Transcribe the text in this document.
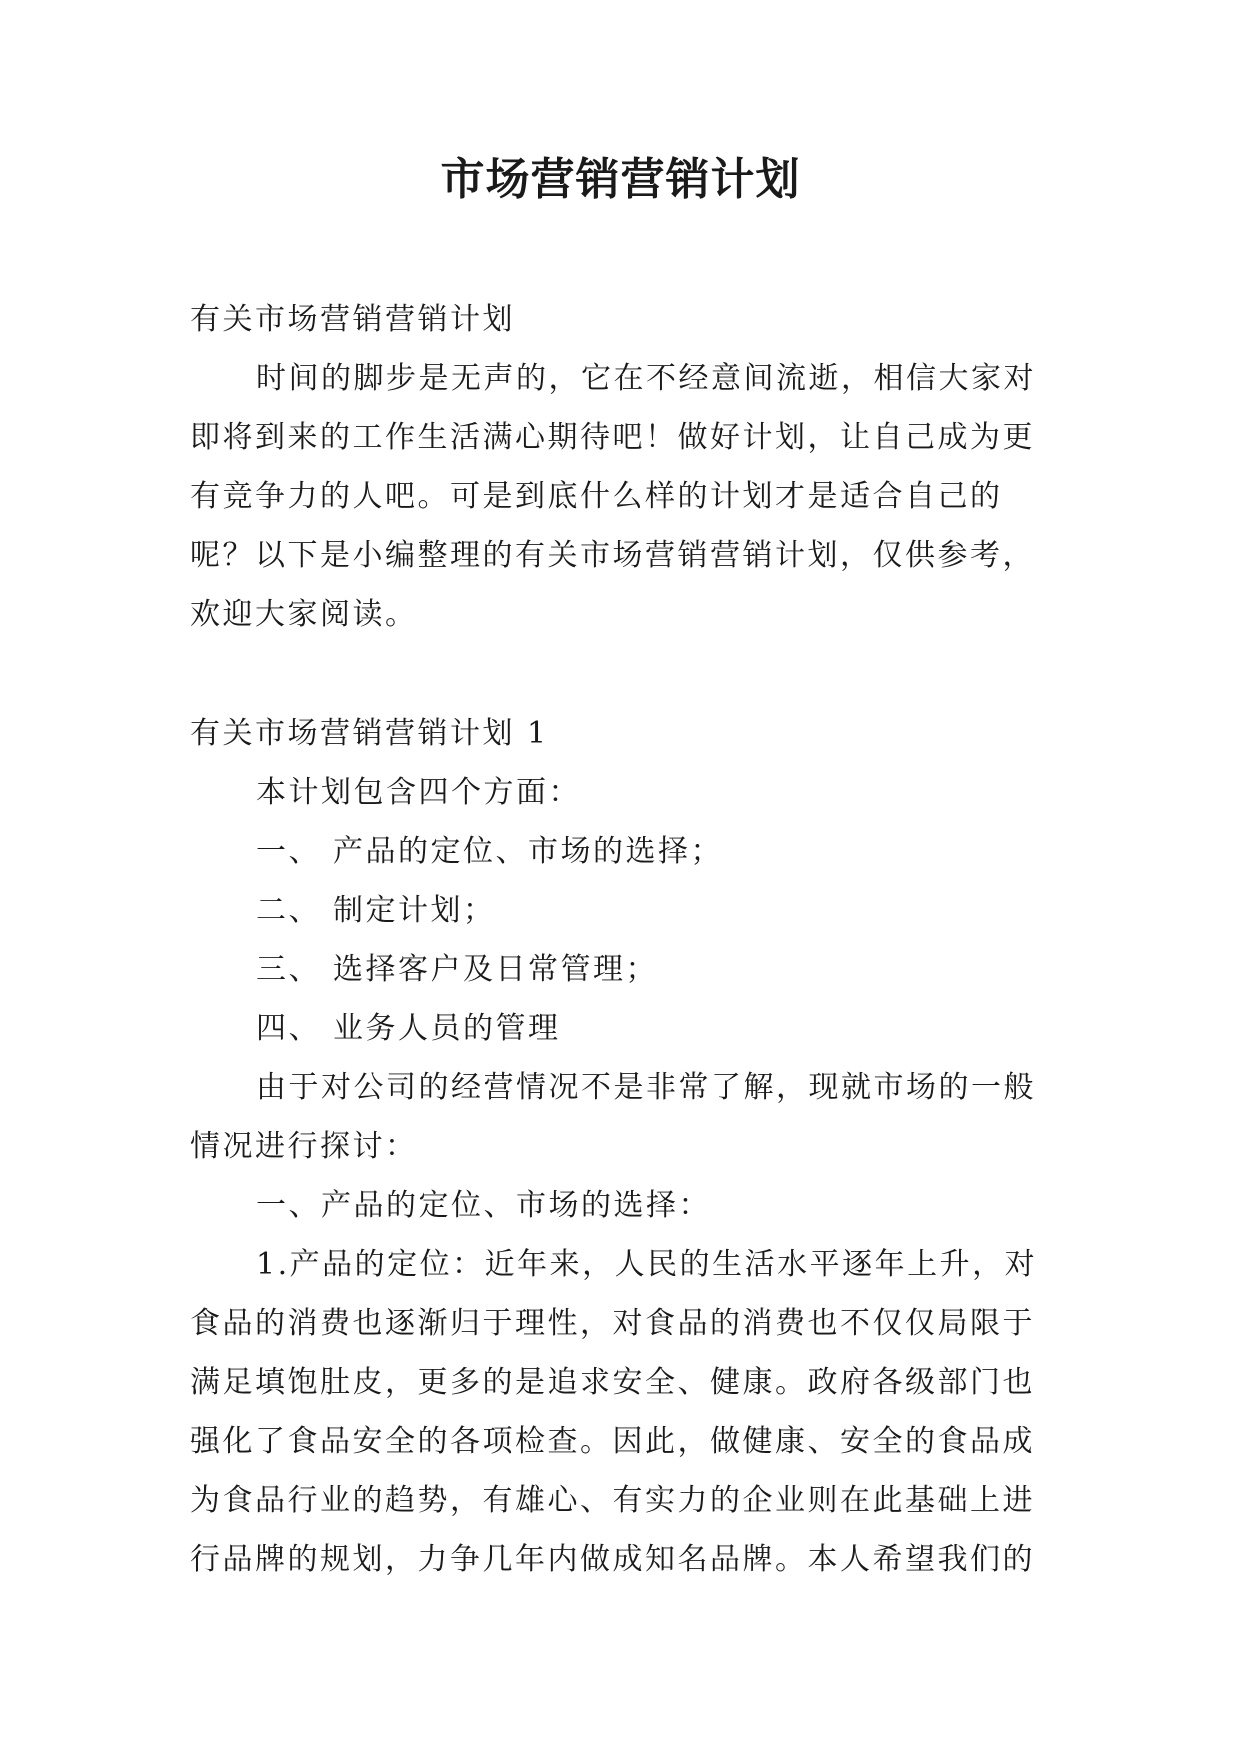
市场营销营销计划
有关市场营销营销计划
时间的脚步是无声的，它在不经意间流逝，相信大家对
即将到来的工作生活满心期待吧！做好计划，让自己成为更
有竞争力的人吧。可是到底什么样的计划才是适合自己的
呢？以下是小编整理的有关市场营销营销计划，仅供参考，
欢迎大家阅读。
有关市场营销营销计划 1
本计划包含四个方面：
一、 产品的定位、市场的选择；
二、 制定计划；
三、 选择客户及日常管理；
四、 业务人员的管理
由于对公司的经营情况不是非常了解，现就市场的一般
情况进行探讨：
一、产品的定位、市场的选择：
1.产品的定位：近年来，人民的生活水平逐年上升，对
食品的消费也逐渐归于理性，对食品的消费也不仅仅局限于
满足填饱肚皮，更多的是追求安全、健康。政府各级部门也
强化了食品安全的各项检查。因此，做健康、安全的食品成
为食品行业的趋势，有雄心、有实力的企业则在此基础上进
行品牌的规划，力争几年内做成知名品牌。本人希望我们的
